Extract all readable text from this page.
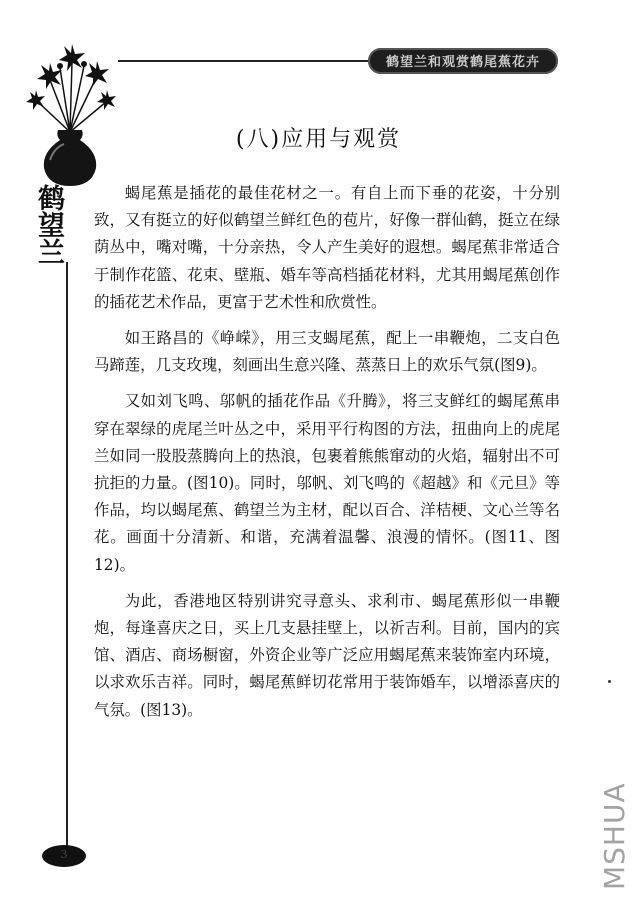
鹤望兰和观赏鹤尾蕉花卉
鹤望兰
(八)应用与观赏

蝎尾蕉是插花的最佳花材之一。有自上而下垂的花姿，十分别致，又有挺立的好似鹤望兰鲜红色的苞片，好像一群仙鹤，挺立在绿荫丛中，嘴对嘴，十分亲热，令人产生美好的遐想。蝎尾蕉非常适合于制作花篮、花束、壁瓶、婚车等高档插花材料，尤其用蝎尾蕉创作的插花艺术作品，更富于艺术性和欣赏性。

如王路昌的《峥嵘》，用三支蝎尾蕉，配上一串鞭炮，二支白色马蹄莲，几支玫瑰，刻画出生意兴隆、蒸蒸日上的欢乐气氛(图9)。

又如刘飞鸣、邬帆的插花作品《升腾》，将三支鲜红的蝎尾蕉串穿在翠绿的虎尾兰叶丛之中，采用平行构图的方法，扭曲向上的虎尾兰如同一股股蒸腾向上的热浪，包裹着熊熊窜动的火焰，辐射出不可抗拒的力量。(图10)。同时，邬帆、刘飞鸣的《超越》和《元旦》等作品，均以蝎尾蕉、鹤望兰为主材，配以百合、洋桔梗、文心兰等名花。画面十分清新、和谐，充满着温馨、浪漫的情怀。(图11、图12)。

为此，香港地区特别讲究寻意头、求利市、蝎尾蕉形似一串鞭炮，每逢喜庆之日，买上几支悬挂壁上，以祈吉利。目前，国内的宾馆、酒店、商场橱窗，外资企业等广泛应用蝎尾蕉来装饰室内环境，以求欢乐吉祥。同时，蝎尾蕉鲜切花常用于装饰婚车，以增添喜庆的气氛。(图13)。

3	MSHUA
